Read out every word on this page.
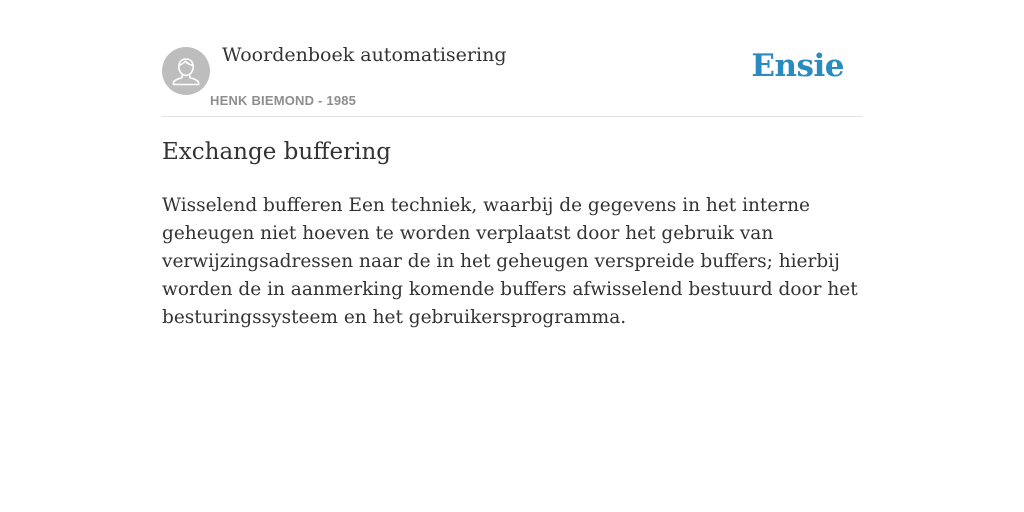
Woordenboek automatisering
HENK BIEMOND - 1985
Ensie
Exchange buffering

Wisselend bufferen Een techniek, waarbij de gegevens in het interne geheugen niet hoeven te worden verplaatst door het gebruik van verwijzingsadressen naar de in het geheugen verspreide buffers; hierbij worden de in aanmerking komende buffers afwisselend bestuurd door het besturingssysteem en het gebruikersprogramma.
